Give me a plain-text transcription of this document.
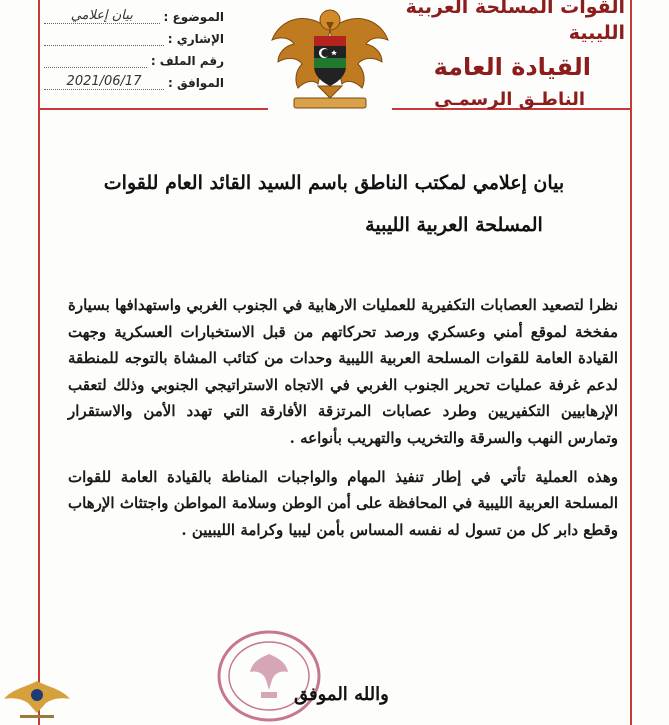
القوات المسلحة العربية الليبية
القيادة العامة
الناطـق الرسمـي
الموضوع :
بيان إعلامي
الإشاري :
رقم الملف :
الموافق :
2021/06/17
بيان إعلامي لمكتب الناطق باسم السيد القائد العام للقوات
المسلحة العربية الليبية

نظرا لتصعيد العصابات التكفيرية للعمليات الارهابية في الجنوب الغربي واستهدافها بسيارة مفخخة لموقع أمني وعسكري ورصد تحركاتهم من قبل الاستخبارات العسكرية وجهت القيادة العامة للقوات المسلحة العربية الليبية وحدات من كتائب المشاة بالتوجه للمنطقة لدعم غرفة عمليات تحرير الجنوب الغربي في الاتجاه الاستراتيجي الجنوبي وذلك لتعقب الإرهابيين التكفيريين وطرد عصابات المرتزقة الأفارقة التي تهدد الأمن والاستقرار وتمارس النهب والسرقة والتخريب والتهريب بأنواعه .

وهذه العملية تأتي في إطار تنفيذ المهام والواجبات المناطة بالقيادة العامة للقوات المسلحة العربية الليبية في المحافظة على أمن الوطن وسلامة المواطن واجتثاث الإرهاب وقطع دابر كل من تسول له نفسه المساس بأمن ليبيا وكرامة الليبيين .

والله الموفق
